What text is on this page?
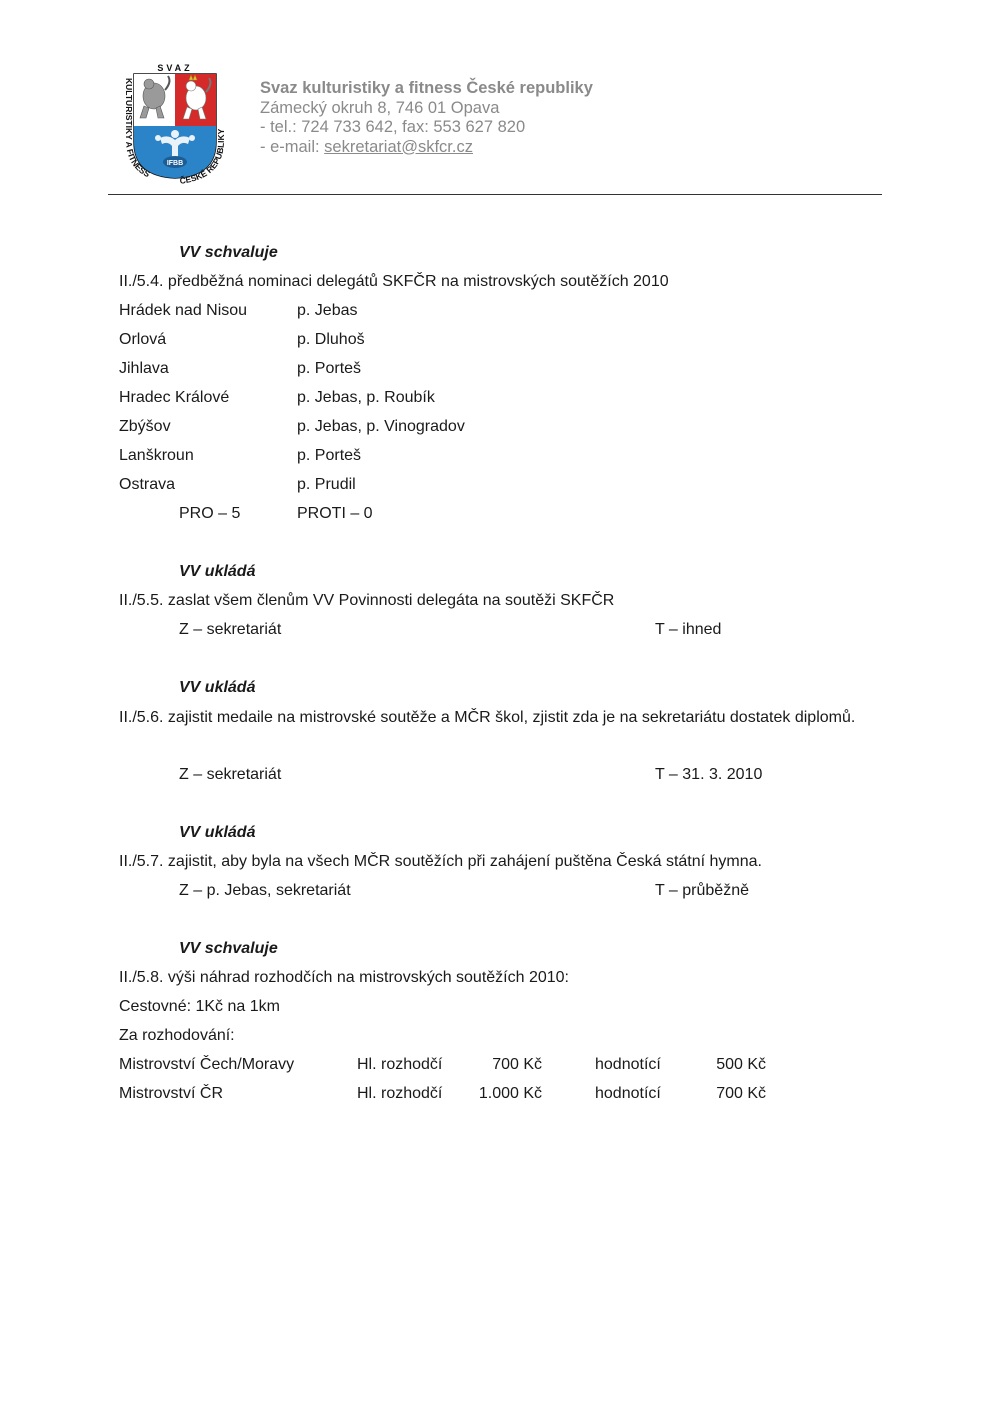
SVAZ
IFBB
KULTURISTIKY A FITNESS
ČESKÉ REPUBLIKY
Svaz kulturistiky a fitness České republiky
Zámecký okruh 8, 746 01 Opava
- tel.: 724 733 642, fax: 553 627 820
- e-mail: sekretariat@skfcr.cz
VV schvaluje
II./5.4. předběžná nominaci delegátů SKFČR na mistrovských soutěžích 2010
Hrádek nad Nisou	p. Jebas
Orlová	p. Dluhoš
Jihlava	p. Porteš
Hradec Králové	p. Jebas, p. Roubík
Zbýšov	p. Jebas, p. Vinogradov
Lanškroun	p. Porteš
Ostrava	p. Prudil
PRO – 5	PROTI – 0
VV ukládá
II./5.5. zaslat všem členům VV Povinnosti delegáta na soutěži SKFČR
Z – sekretariát	T – ihned
VV ukládá
II./5.6. zajistit medaile na mistrovské soutěže a MČR škol, zjistit zda je na sekretariátu dostatek diplomů.
Z – sekretariát	T – 31. 3. 2010
VV ukládá
II./5.7. zajistit, aby byla na všech MČR soutěžích při zahájení puštěna Česká státní hymna.
Z – p. Jebas, sekretariát	T – průběžně
VV schvaluje
II./5.8. výši náhrad rozhodčích na mistrovských soutěžích 2010:
Cestovné: 1Kč na 1km
Za rozhodování:
Mistrovství Čech/Moravy	Hl. rozhodčí	700 Kč	hodnotící	500 Kč
Mistrovství ČR	Hl. rozhodčí	1.000 Kč	hodnotící	700 Kč
